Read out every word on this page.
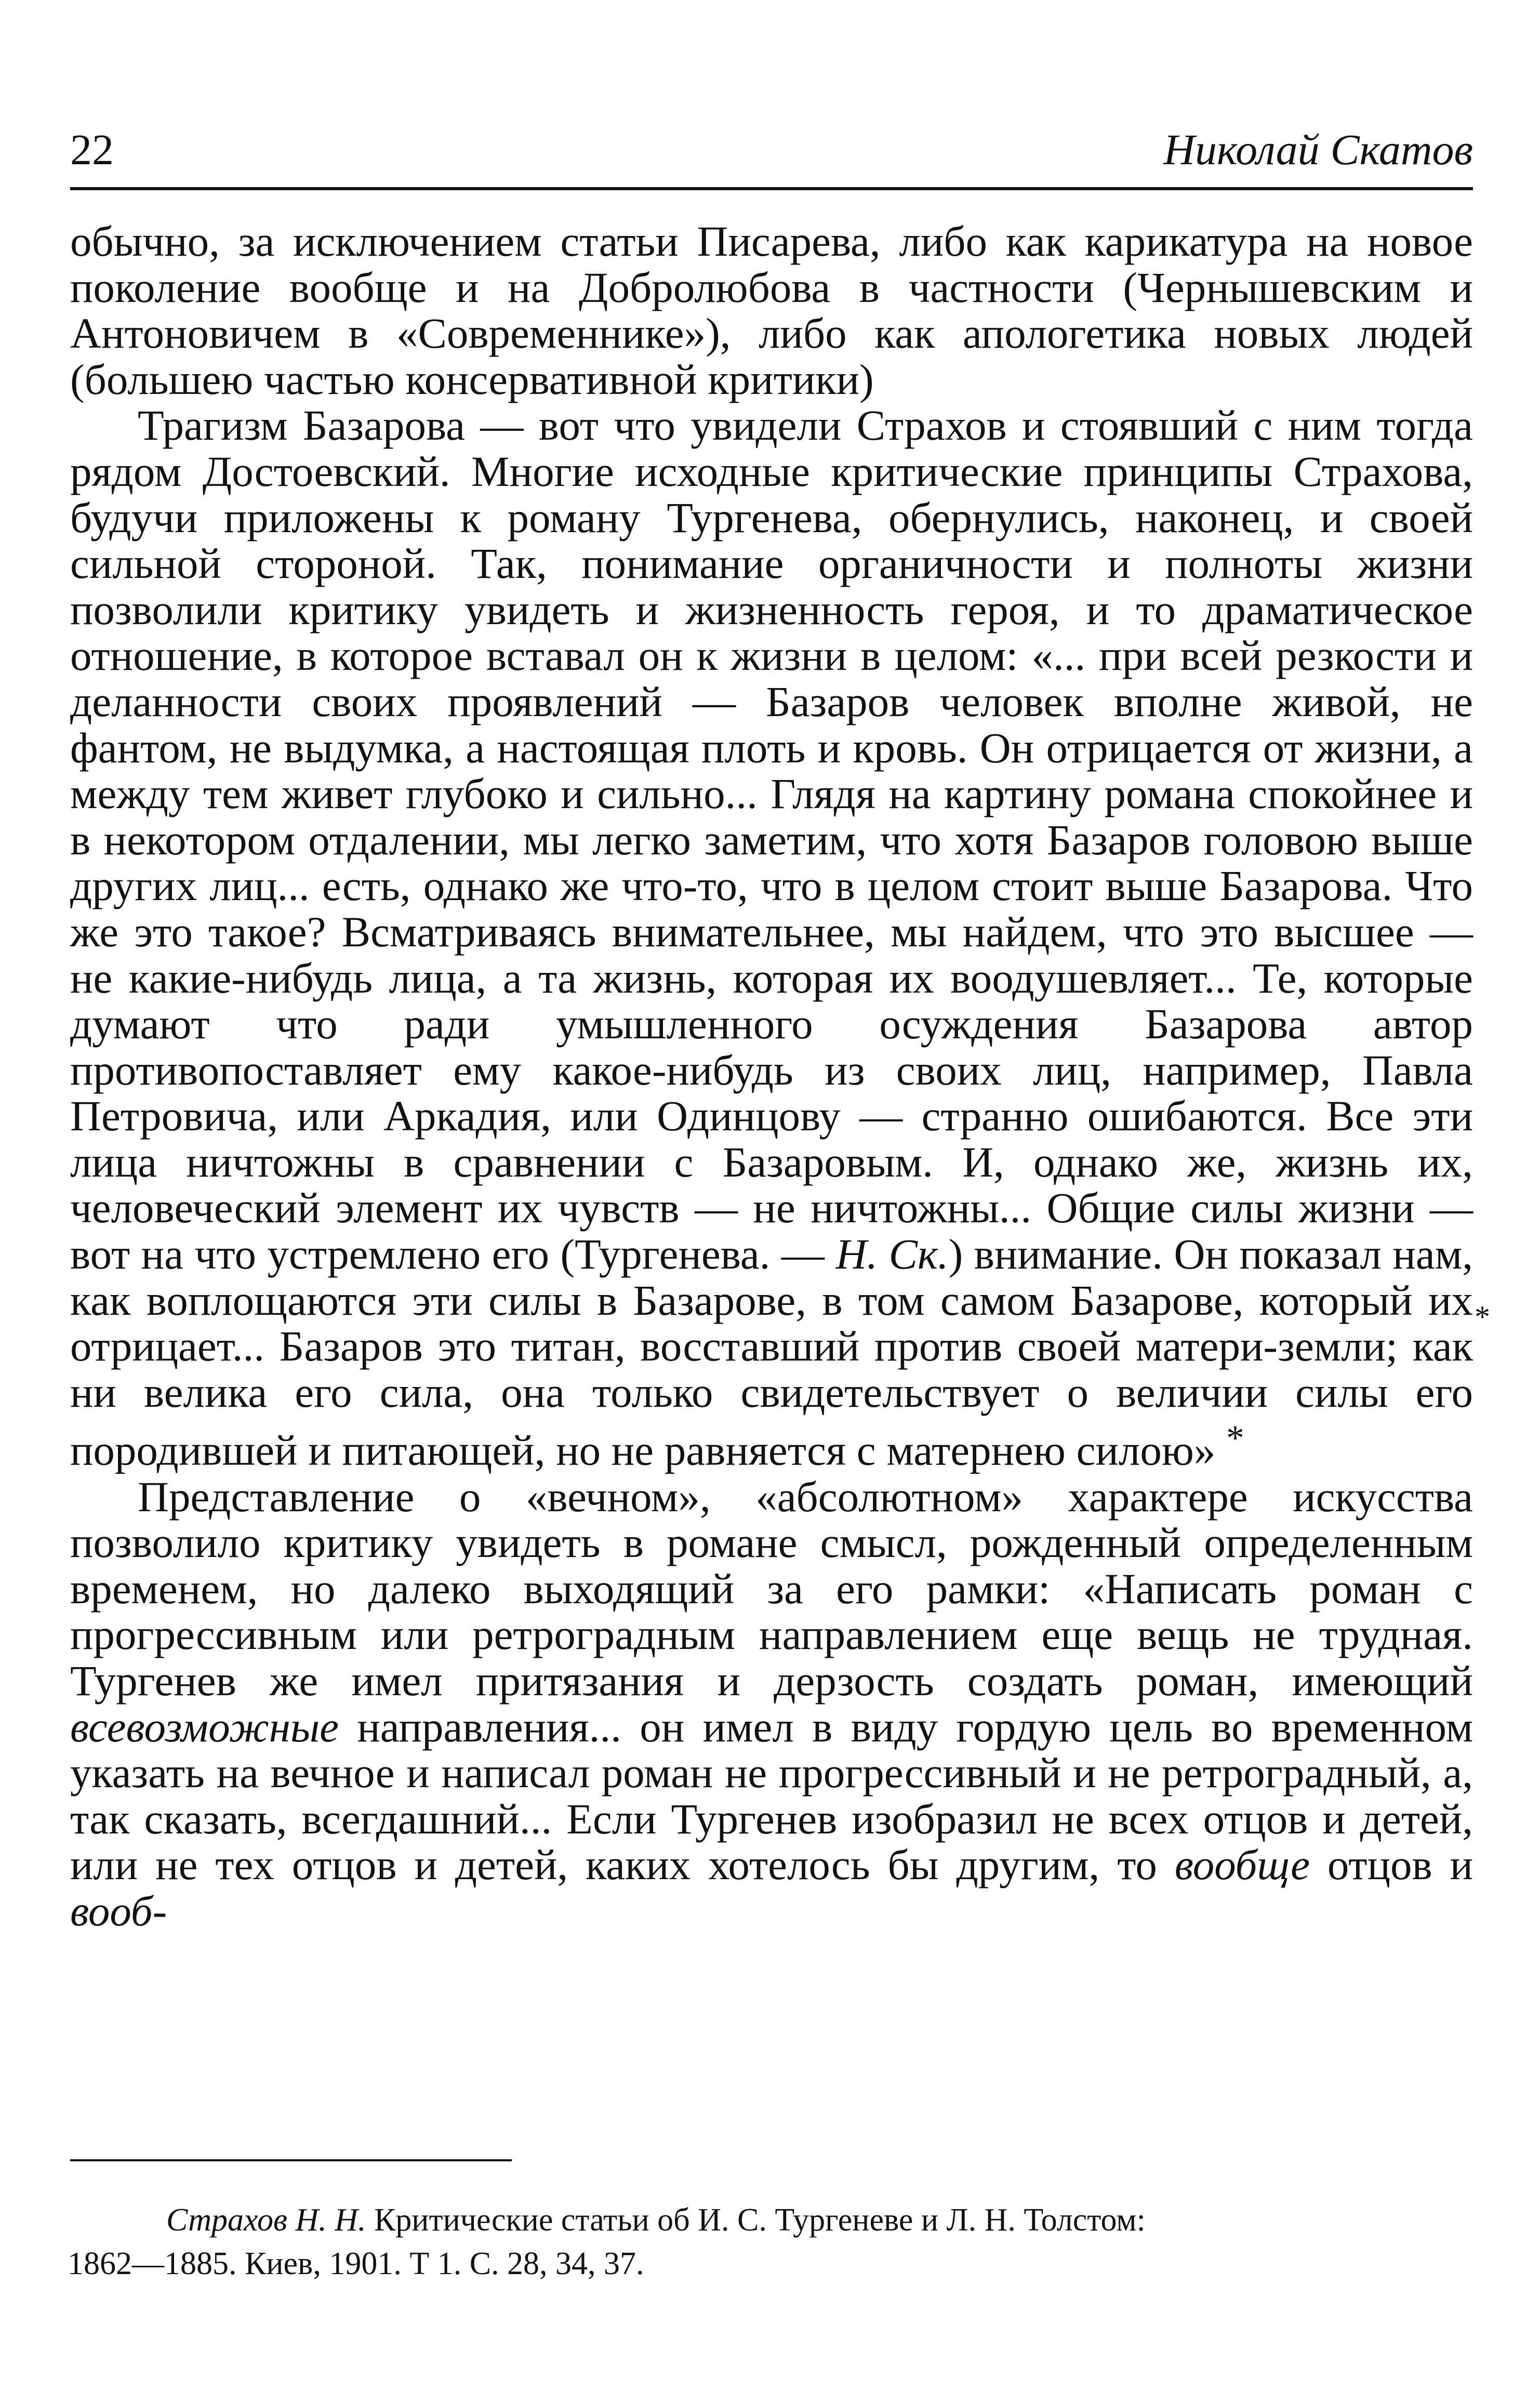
22	Николай Скатов

обычно, за исключением статьи Писарева, либо как карикатура на новое поколение вообще и на Добролюбова в частности (Чернышевским и Антоновичем в «Современнике»), либо как апологетика новых людей (большею частью консервативной критики)

Трагизм Базарова — вот что увидели Страхов и стоявший с ним тогда рядом Достоевский. Многие исходные критические принципы Страхова, будучи приложены к роману Тургенева, обернулись, наконец, и своей сильной стороной. Так, понимание органичности и полноты жизни позволили критику увидеть и жизненность героя, и то драматическое отношение, в которое вставал он к жизни в целом: «... при всей резкости и деланности своих проявлений — Базаров человек вполне живой, не фантом, не выдумка, а настоящая плоть и кровь. Он отрицается от жизни, а между тем живет глубоко и сильно... Глядя на картину романа спокойнее и в некотором отдалении, мы легко заметим, что хотя Базаров головою выше других лиц... есть, однако же что-то, что в целом стоит выше Базарова. Что же это такое? Всматриваясь внимательнее, мы найдем, что это высшее — не какие-нибудь лица, а та жизнь, которая их воодушевляет... Те, которые думают что ради умышленного осуждения Базарова автор противопоставляет ему какое-нибудь из своих лиц, например, Павла Петровича, или Аркадия, или Одинцову — странно ошибаются. Все эти лица ничтожны в сравнении с Базаровым. И, однако же, жизнь их, человеческий элемент их чувств — не ничтожны... Общие силы жизни — вот на что устремлено его (Тургенева. — Н. Ск.) внимание. Он показал нам, как воплощаются эти силы в Базарове, в том самом Базарове, который их отрицает... Базаров это титан, восставший против своей матери-земли; как ни велика его сила, она только свидетельствует о величии силы его породившей и питающей, но не равняется с матернею силою» *

Представление о «вечном», «абсолютном» характере искусства позволило критику увидеть в романе смысл, рожденный определенным временем, но далеко выходящий за его рамки: «Написать роман с прогрессивным или ретроградным направлением еще вещь не трудная. Тургенев же имел притязания и дерзость создать роман, имеющий всевозможные направления... он имел в виду гордую цель во временном указать на вечное и написал роман не прогрессивный и не ретроградный, а, так сказать, всегдашний... Если Тургенев изобразил не всех отцов и детей, или не тех отцов и детей, каких хотелось бы другим, то вообще отцов и вооб-

*
Страхов Н. Н. Критические статьи об И. С. Тургеневе и Л. Н. Толстом:
1862—1885. Киев, 1901. Т 1. С. 28, 34, 37.
